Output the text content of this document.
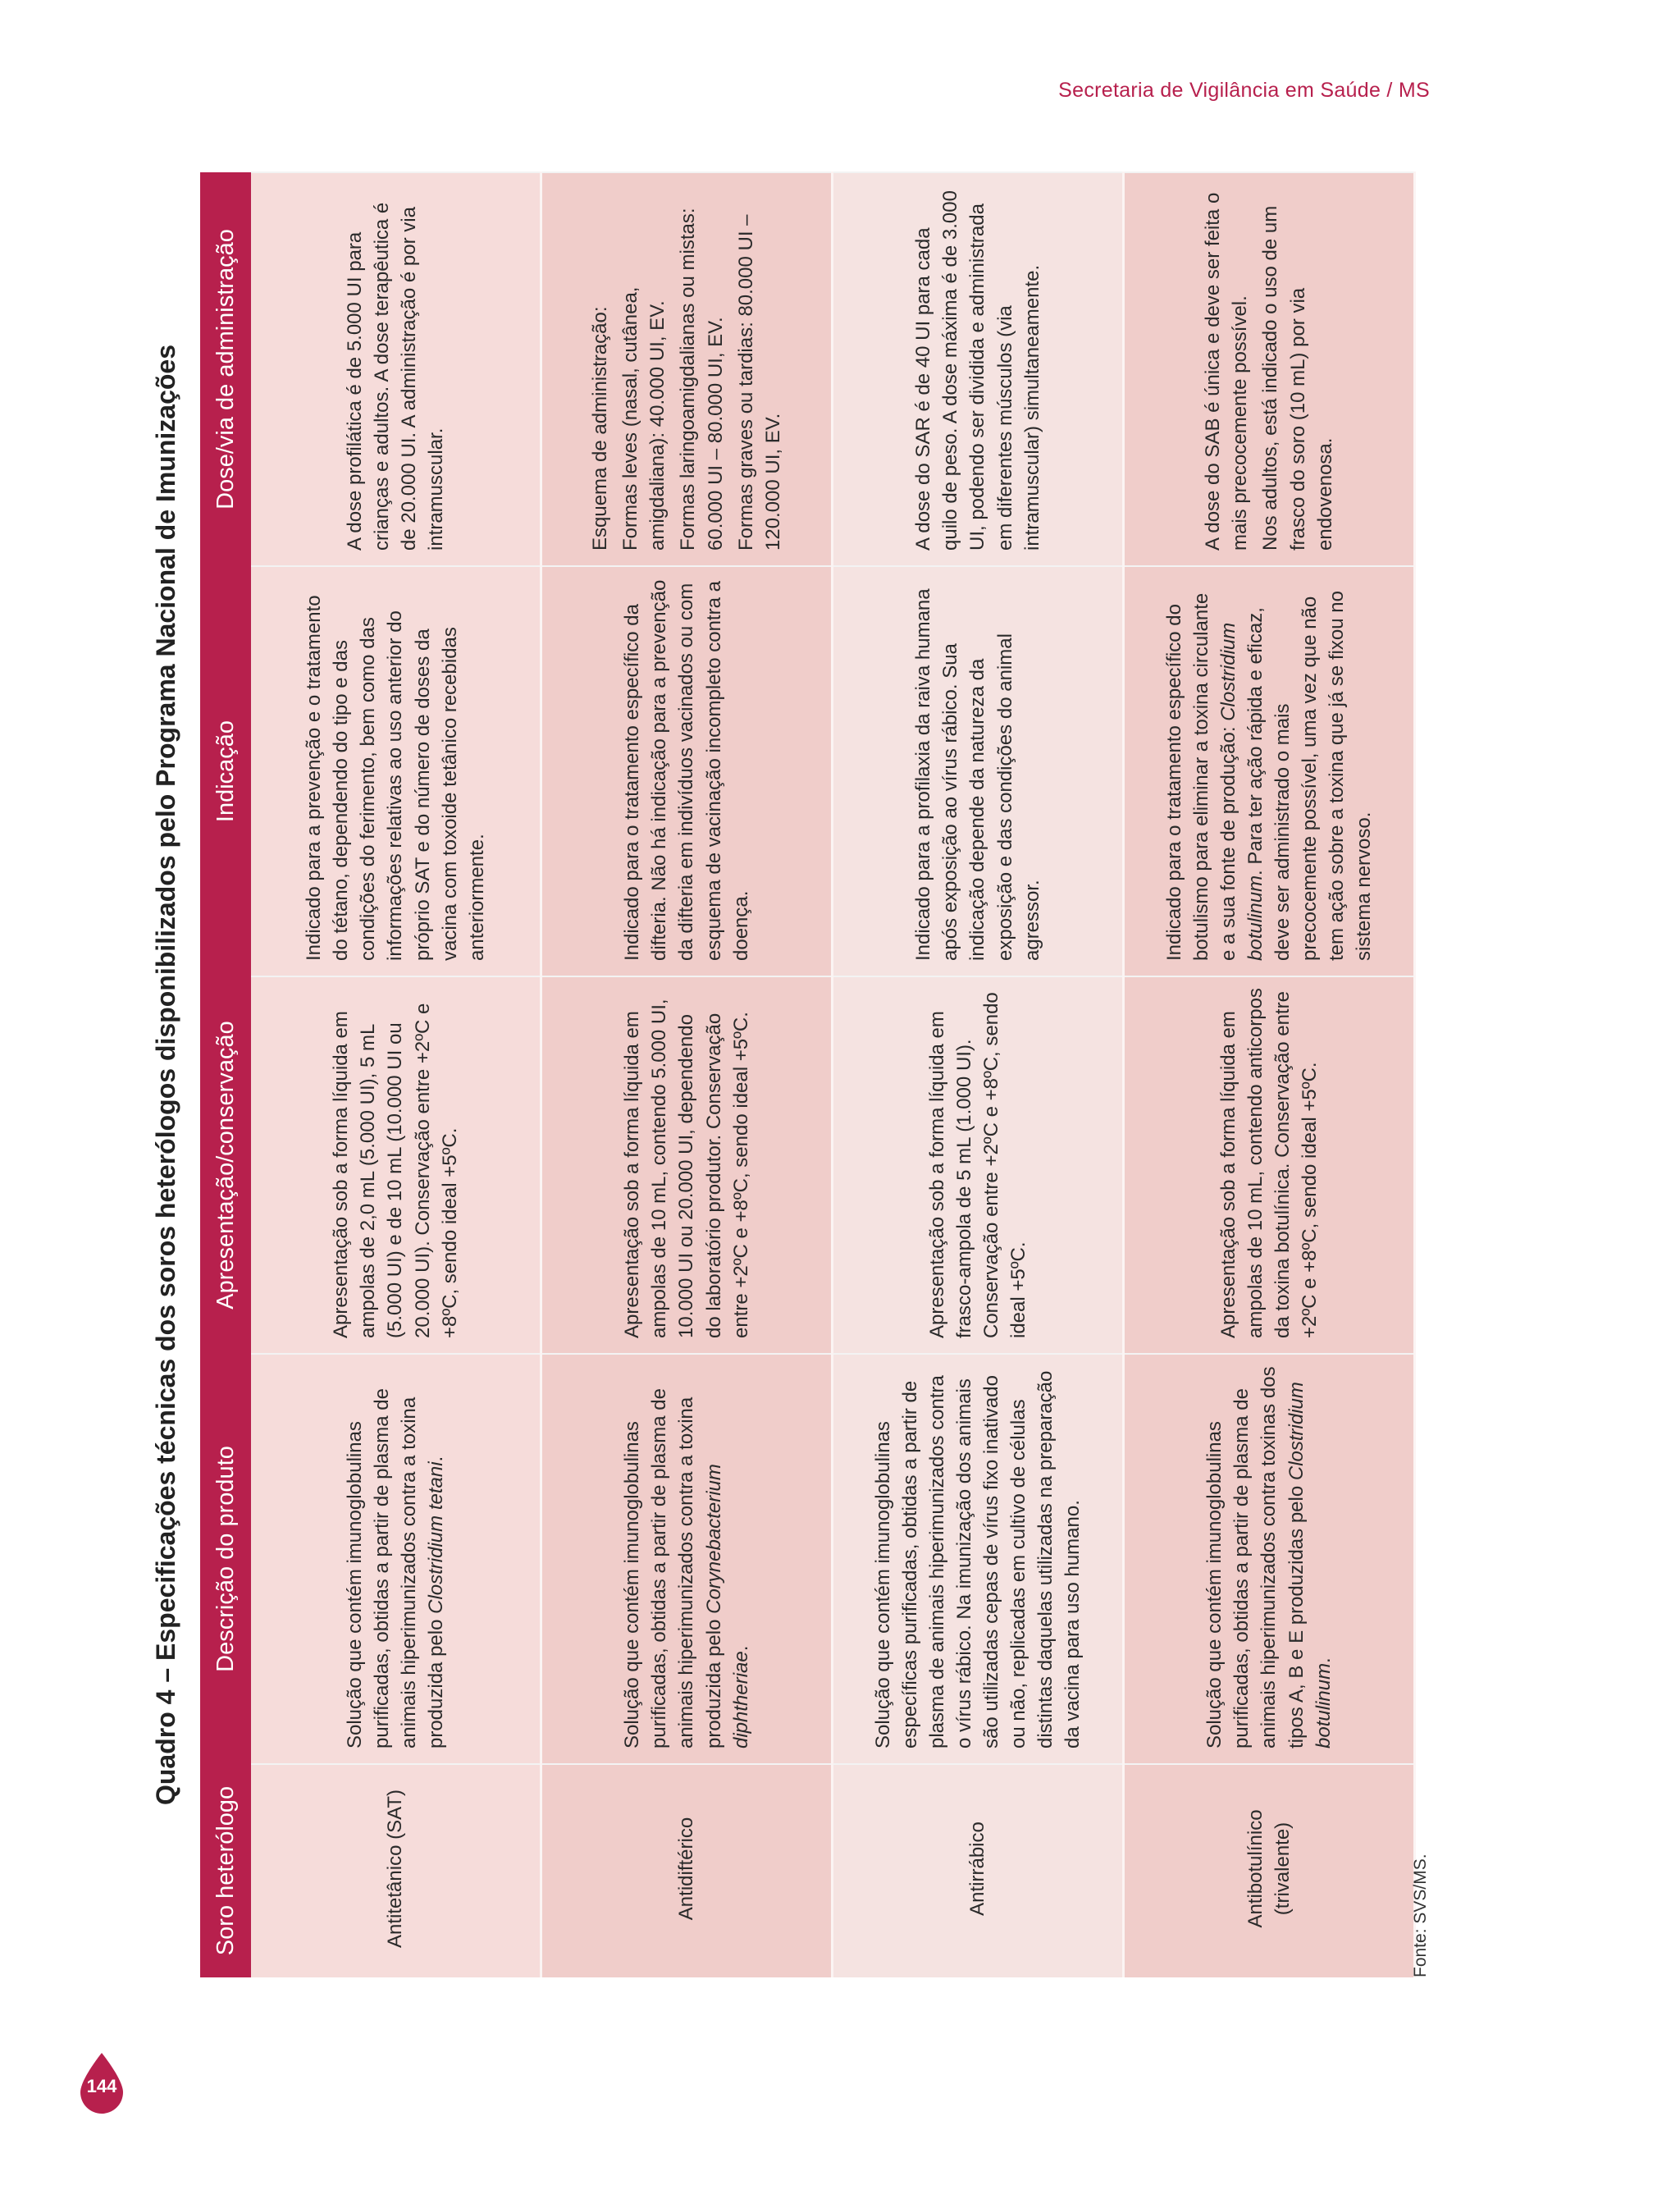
Secretaria de Vigilância em Saúde / MS
Quadro 4 – Especificações técnicas dos soros heterólogos disponibilizados pelo Programa Nacional de Imunizações
Soro heterólogo	Descrição do produto	Apresentação/conservação	Indicação	Dose/via de administração
Antitetânico (SAT)	Solução que contém imunoglobulinas purificadas, obtidas a partir de plasma de animais hiperimunizados contra a toxina produzida pelo Clostridium tetani.	Apresentação sob a forma líquida em ampolas de 2,0 mL (5.000 UI), 5 mL (5.000 UI) e de 10 mL (10.000 UI ou 20.000 UI). Conservação entre +2ºC e +8ºC, sendo ideal +5ºC.	Indicado para a prevenção e o tratamento do tétano, dependendo do tipo e das condições do ferimento, bem como das informações relativas ao uso anterior do próprio SAT e do número de doses da vacina com toxoide tetânico recebidas anteriormente.	A dose profilática é de 5.000 UI para crianças e adultos. A dose terapêutica é de 20.000 UI. A administração é por via intramuscular.

Antidiftérico	Solução que contém imunoglobulinas purificadas, obtidas a partir de plasma de animais hiperimunizados contra a toxina produzida pelo Corynebacterium diphtheriae.	Apresentação sob a forma líquida em ampolas de 10 mL, contendo 5.000 UI, 10.000 UI ou 20.000 UI, dependendo do laboratório produtor. Conservação entre +2ºC e +8ºC, sendo ideal +5ºC.	Indicado para o tratamento específico da difteria. Não há indicação para a prevenção da difteria em indivíduos vacinados ou com esquema de vacinação incompleto contra a doença.	Esquema de administração: Formas leves (nasal, cutânea, amigdaliana): 40.000 UI, EV. Formas laringoamigdalianas ou mistas: 60.000 UI – 80.000 UI, EV. Formas graves ou tardias: 80.000 UI – 120.000 UI, EV.

Antirrábico	Solução que contém imunoglobulinas específicas purificadas, obtidas a partir de plasma de animais hiperimunizados contra o vírus rábico. Na imunização dos animais são utilizadas cepas de vírus fixo inativado ou não, replicadas em cultivo de células distintas daquelas utilizadas na preparação da vacina para uso humano.	Apresentação sob a forma líquida em frasco-ampola de 5 mL (1.000 UI). Conservação entre +2ºC e +8ºC, sendo ideal +5ºC.	Indicado para a profilaxia da raiva humana após exposição ao vírus rábico. Sua indicação depende da natureza da exposição e das condições do animal agressor.	A dose do SAR é de 40 UI para cada quilo de peso. A dose máxima é de 3.000 UI, podendo ser dividida e administrada em diferentes músculos (via intramuscular) simultaneamente.

Antibotulínico (trivalente)	Solução que contém imunoglobulinas purificadas, obtidas a partir de plasma de animais hiperimunizados contra toxinas dos tipos A, B e E produzidas pelo Clostridium botulinum.	Apresentação sob a forma líquida em ampolas de 10 mL, contendo anticorpos da toxina botulínica. Conservação entre +2ºC e +8ºC, sendo ideal +5ºC.	Indicado para o tratamento específico do botulismo para eliminar a toxina circulante e a sua fonte de produção: Clostridium botulinum. Para ter ação rápida e eficaz, deve ser administrado o mais precocemente possível, uma vez que não tem ação sobre a toxina que já se fixou no sistema nervoso.	A dose do SAB é única e deve ser feita o mais precocemente possível. Nos adultos, está indicado o uso de um frasco do soro (10 mL) por via endovenosa.
Fonte: SVS/MS.
144
